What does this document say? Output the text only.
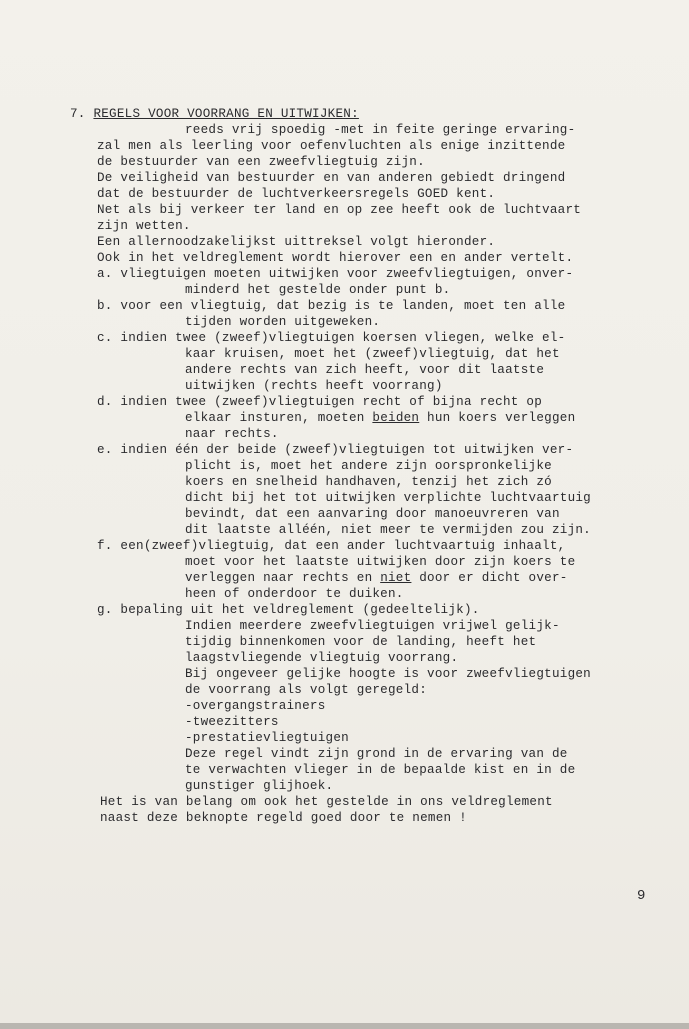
7. REGELS VOOR VOORRANG EN UITWIJKEN:
reeds vrij spoedig -met in feite geringe ervaring-
zal men als leerling voor oefenvluchten als enige inzittende
de bestuurder van een zweefvliegtuig zijn.
De veiligheid van bestuurder en van anderen gebiedt dringend
dat de bestuurder de luchtverkeersregels GOED kent.
Net als bij verkeer ter land en op zee heeft ook de luchtvaart
zijn wetten.
Een allernoodzakelijkst uittreksel volgt hieronder.
Ook in het veldreglement wordt hierover een en ander vertelt.
a. vliegtuigen moeten uitwijken voor zweefvliegtuigen, onver-
minderd het gestelde onder punt b.
b. voor een vliegtuig, dat bezig is te landen, moet ten alle
tijden worden uitgeweken.
c. indien twee (zweef)vliegtuigen koersen vliegen, welke el-
kaar kruisen, moet het (zweef)vliegtuig, dat het
andere rechts van zich heeft, voor dit laatste
uitwijken (rechts heeft voorrang)
d. indien twee (zweef)vliegtuigen recht of bijna recht op
elkaar insturen, moeten beiden hun koers verleggen
naar rechts.
e. indien één der beide (zweef)vliegtuigen tot uitwijken ver-
plicht is, moet het andere zijn oorspronkelijke
koers en snelheid handhaven, tenzij het zich zó
dicht bij het tot uitwijken verplichte luchtvaartuig
bevindt, dat een aanvaring door manoeuvreren van
dit laatste alléén, niet meer te vermijden zou zijn.
f. een(zweef)vliegtuig, dat een ander luchtvaartuig inhaalt,
moet voor het laatste uitwijken door zijn koers te
verleggen naar rechts en niet door er dicht over-
heen of onderdoor te duiken.
g. bepaling uit het veldreglement (gedeeltelijk).
Indien meerdere zweefvliegtuigen vrijwel gelijk-
tijdig binnenkomen voor de landing, heeft het
laagstvliegende vliegtuig voorrang.
Bij ongeveer gelijke hoogte is voor zweefvliegtuigen
de voorrang als volgt geregeld:
-overgangstrainers
-tweezitters
-prestatievliegtuigen
Deze regel vindt zijn grond in de ervaring van de
te verwachten vlieger in de bepaalde kist en in de
gunstiger glijhoek.
Het is van belang om ook het gestelde in ons veldreglement
naast deze beknopte regeld goed door te nemen !
9
